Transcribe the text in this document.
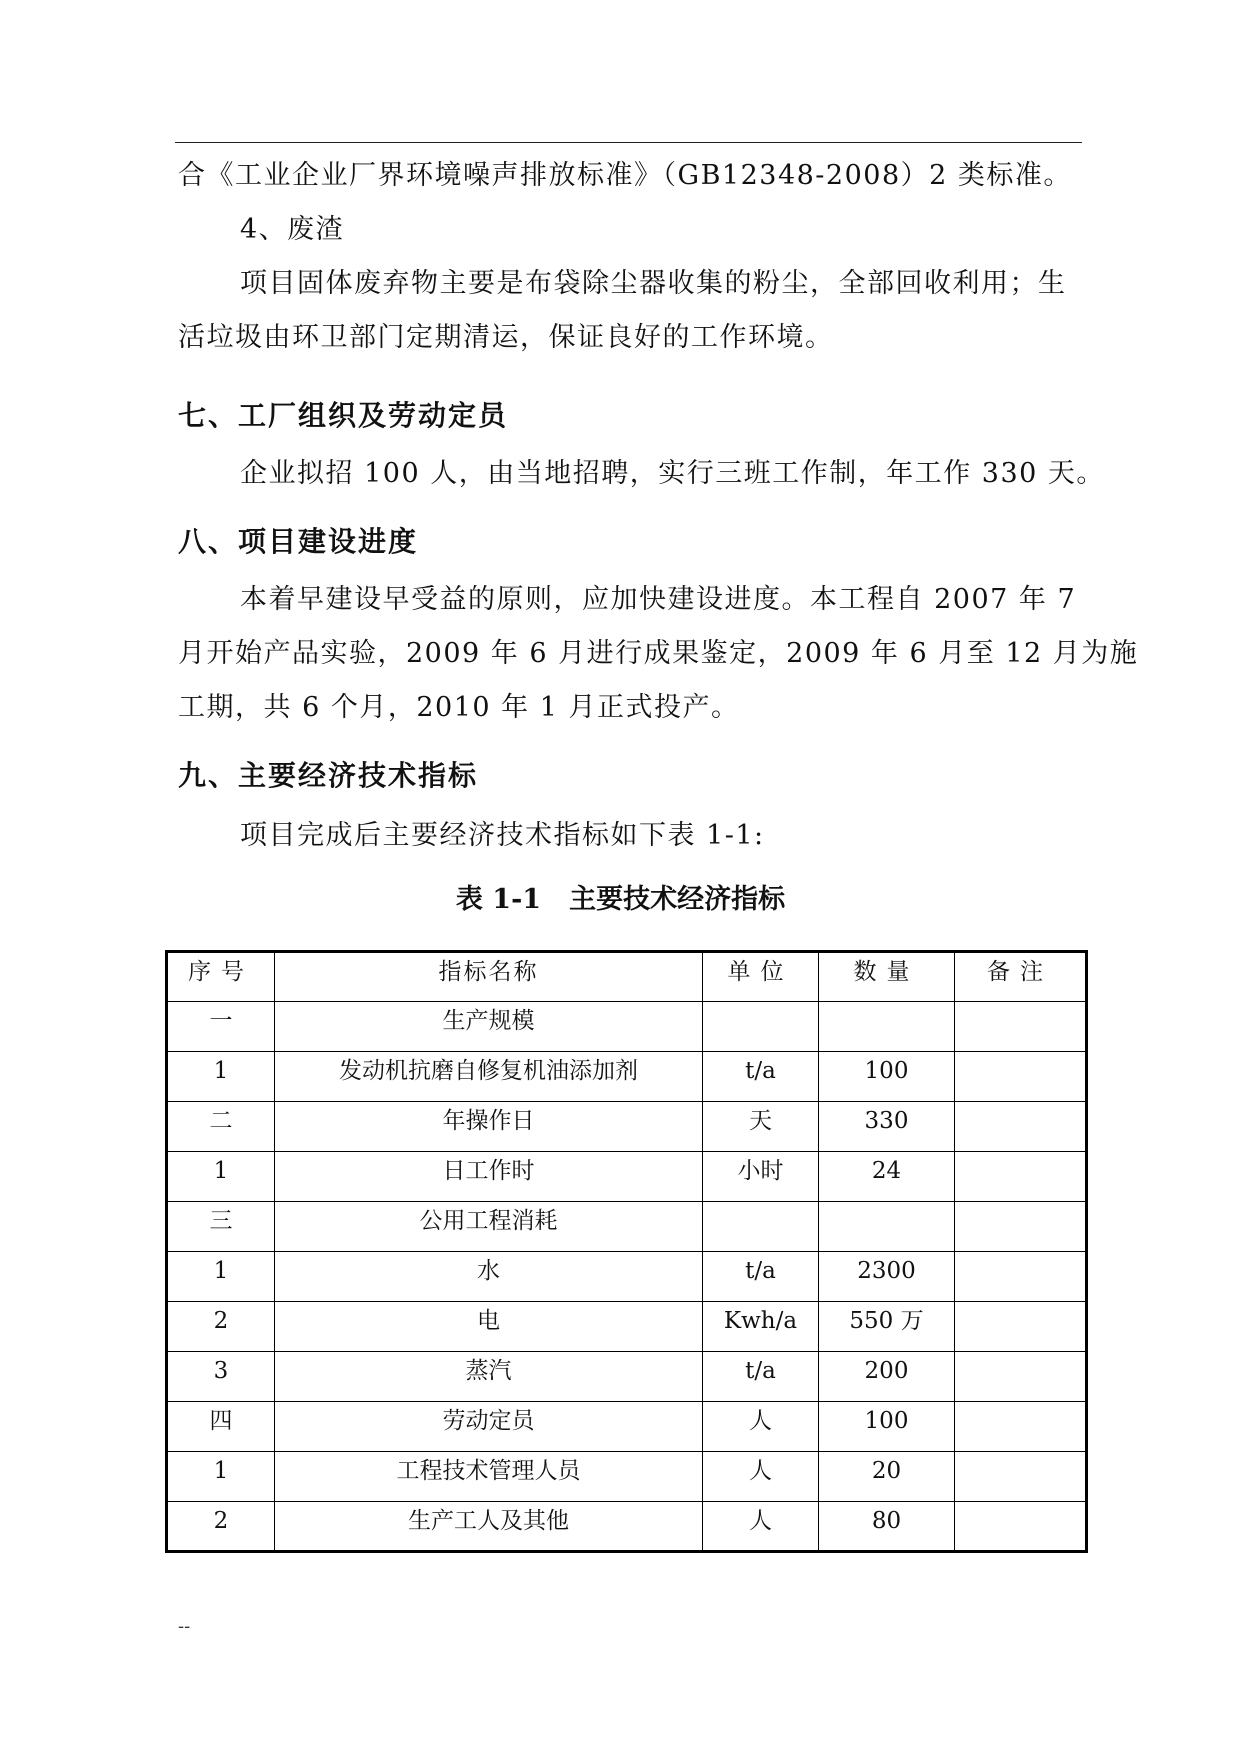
合《工业企业厂界环境噪声排放标准》（GB12348-2008）2 类标准。
4、废渣
项目固体废弃物主要是布袋除尘器收集的粉尘，全部回收利用；生
活垃圾由环卫部门定期清运，保证良好的工作环境。
七、工厂组织及劳动定员
企业拟招 100 人，由当地招聘，实行三班工作制，年工作 330 天。
八、项目建设进度
本着早建设早受益的原则，应加快建设进度。本工程自 2007 年 7
月开始产品实验，2009 年 6 月进行成果鉴定，2009 年 6 月至 12 月为施
工期，共 6 个月，2010 年 1 月正式投产。
九、主要经济技术指标
项目完成后主要经济技术指标如下表 1-1:
表 1-1 主要技术经济指标
序号	指标名称	单位	数量	备注
一	生产规模			
1	发动机抗磨自修复机油添加剂	t/a	100	
二	年操作日	天	330	
1	日工作时	小时	24	
三	公用工程消耗			
1	水	t/a	2300	
2	电	Kwh/a	550 万	
3	蒸汽	t/a	200	
四	劳动定员	人	100	
1	工程技术管理人员	人	20	
2	生产工人及其他	人	80	
--
